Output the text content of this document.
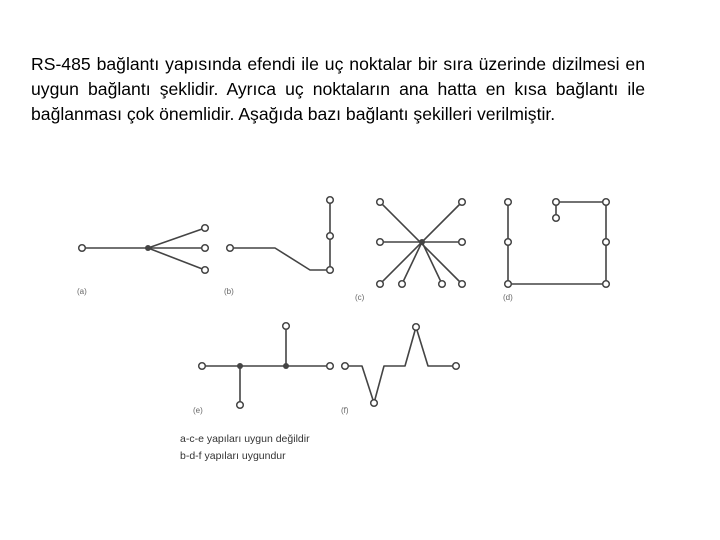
RS-485 bağlantı yapısında efendi ile uç noktalar bir sıra üzerinde dizilmesi en uygun bağlantı şeklidir. Ayrıca uç noktaların ana hatta en kısa bağlantı ile bağlanması çok önemlidir. Aşağıda bazı bağlantı şekilleri verilmiştir.

(a)	(b)
(c)	(d)
(e)	(f)
a-c-e yapıları uygun değildir
b-d-f yapıları uygundur
